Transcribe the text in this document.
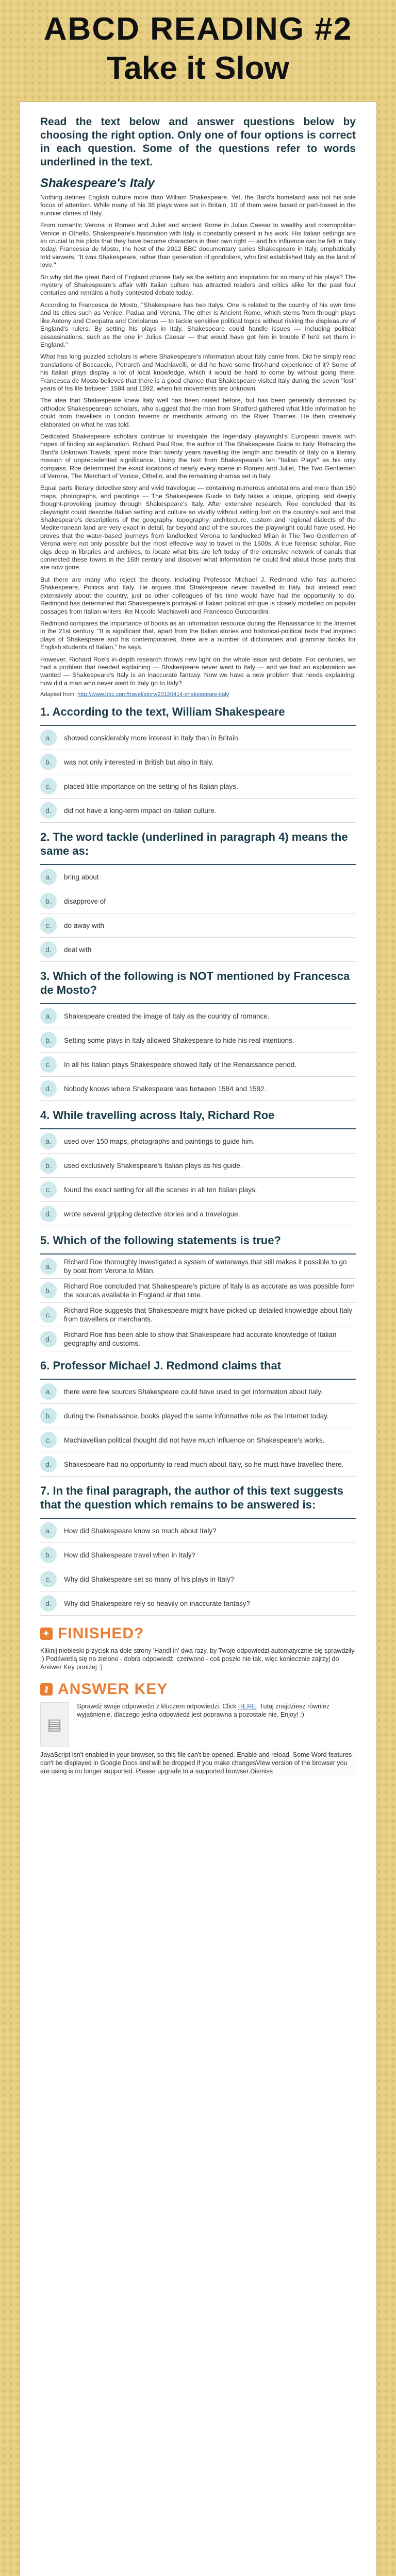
ABCD READING #2
Take it Slow
Read the text below and answer questions below by choosing the right option. Only one of four options is correct in each question. Some of the questions refer to words underlined in the text.
Shakespeare's Italy

Nothing defines English culture more than William Shakespeare. Yet, the Bard's homeland was not his sole focus of attention. While many of his 38 plays were set in Britain, 10 of them were based or part-based in the sunnier climes of Italy.

From romantic Verona in Romeo and Juliet and ancient Rome in Julius Caesar to wealthy and cosmopolitan Venice in Othello, Shakespeare's fascination with Italy is constantly present in his work. His Italian settings are so crucial to his plots that they have become characters in their own right — and his influence can be felt in Italy today. Francesca de Mosto, the host of the 2012 BBC documentary series Shakespeare in Italy, emphatically told viewers, "It was Shakespeare, rather than generation of gondoliers, who first established Italy as the land of love."

So why did the great Bard of England choose Italy as the setting and inspiration for so many of his plays? The mystery of Shakespeare's affair with Italian culture has attracted readers and critics alike for the past four centuries and remains a hotly contested debate today.

According to Francesca de Mosto, "Shakespeare has two Italys. One is related to the country of his own time and its cities such as Venice, Padua and Verona. The other is Ancient Rome, which stems from through plays like Antony and Cleopatra and Coriolanus — to tackle sensitive political topics without risking the displeasure of England's rulers. By setting his plays in Italy, Shakespeare could handle issues — including political assassinations, such as the one in Julius Caesar — that would have got him in trouble if he'd set them in England."

What has long puzzled scholars is where Shakespeare's information about Italy came from. Did he simply read translations of Boccaccio, Petrarch and Machiavelli, or did he have some first-hand experience of it? Some of his Italian plays display a lot of local knowledge, which it would be hard to come by without going there. Francesca de Mosto believes that there is a good chance that Shakespeare visited Italy during the seven "lost" years of his life between 1584 and 1592, when his movements are unknown.

The idea that Shakespeare knew Italy well has been raised before, but has been generally dismissed by orthodox Shakespearean scholars, who suggest that the man from Stratford gathered what little information he could from travellers in London taverns or merchants arriving on the River Thames. He then creatively elaborated on what he was told.

Dedicated Shakespeare scholars continue to investigate the legendary playwright's European travels with hopes of finding an explanation. Richard Paul Roe, the author of The Shakespeare Guide to Italy: Retracing the Bard's Unknown Travels, spent more than twenty years travelling the length and breadth of Italy on a literary mission of unprecedented significance. Using the text from Shakespeare's ten "Italian Plays" as his only compass, Roe determined the exact locations of nearly every scene in Romeo and Juliet, The Two Gentlemen of Verona, The Merchant of Venice, Othello, and the remaining dramas set in Italy.

Equal parts literary detective story and vivid travelogue — containing numerous annotations and more than 150 maps, photographs, and paintings — The Shakespeare Guide to Italy takes a unique, gripping, and deeply thought-provoking journey through Shakespeare's Italy. After extensive research, Roe concluded that its playwright could describe Italian setting and culture so vividly without setting foot on the country's soil and that Shakespeare's descriptions of the geography, topography, architecture, custom and regional dialects of the Mediterranean land are very exact in detail, far beyond and of the sources the playwright could have used. He proves that the water-based journeys from landlocked Verona to landlocked Milan in The Two Gentlemen of Verona were not only possible but the most effective way to travel in the 1500s. A true forensic scholar, Roe digs deep in libraries and archives, to locate what bits are left today of the extensive network of canals that connected these towns in the 16th century and discover what information he could find about those parts that are now gone.

But there are many who reject the theory, including Professor Michael J. Redmond who has authored Shakespeare, Politics and Italy. He argues that Shakespeare never travelled to Italy, but instead read extensively about the country, just as other colleagues of his time would have had the opportunity to do. Redmond has determined that Shakespeare's portrayal of Italian political intrigue is closely modelled on popular passages from Italian writers like Niccolo Machiavelli and Francesco Guicciardini.

Redmond compares the importance of books as an information resource during the Renaissance to the Internet in the 21st century. "It is significant that, apart from the Italian stories and historical-political texts that inspired plays of Shakespeare and his contemporaries, there are a number of dictionaries and grammar books for English students of Italian," he says.

However, Richard Roe's in-depth research throws new light on the whole issue and debate. For centuries, we had a problem that needed explaining — Shakespeare never went to Italy — and we had an explanation we wanted — Shakespeare's Italy is an inaccurate fantasy. Now we have a new problem that needs explaining: how did a man who never went to Italy go to Italy?

Adapted from: http://www.bbc.com/travel/story/20120414-shakespeare-italy
1. According to the text, William Shakespeare
a.	showed considerably more interest in Italy than in Britain.
b.	was not only interested in British but also in Italy.
c.	placed little importance on the setting of his Italian plays.
d.	did not have a long-term impact on Italian culture.
2. The word tackle (underlined in paragraph 4) means the same as:
a.	bring about
b.	disapprove of
c.	do away with
d.	deal with
3. Which of the following is NOT mentioned by Francesca de Mosto?
a.	Shakespeare created the image of Italy as the country of romance.
b.	Setting some plays in Italy allowed Shakespeare to hide his real intentions.
c.	In all his Italian plays Shakespeare showed Italy of the Renaissance period.
d.	Nobody knows where Shakespeare was between 1584 and 1592.
4. While travelling across Italy, Richard Roe
a.	used over 150 maps, photographs and paintings to guide him.
b.	used exclusively Shakespeare's Italian plays as his guide.
c.	found the exact setting for all the scenes in all ten Italian plays.
d.	wrote several gripping detective stories and a travelogue.
5. Which of the following statements is true?
a.
Richard Roe thoroughly investigated a system of waterways that still makes it possible to go by boat from Verona to Milan.
b.
Richard Roe concluded that Shakespeare's picture of Italy is as accurate as was possible form the sources available in England at that time.
c.
Richard Roe suggests that Shakespeare might have picked up detailed knowledge about Italy from travellers or merchants.
d.
Richard Roe has been able to show that Shakespeare had accurate knowledge of Italian geography and customs.
6. Professor Michael J. Redmond claims that
a.	there were few sources Shakespeare could have used to get information about Italy.
b.	during the Renaissance, books played the same informative role as the Internet today.
c.	Machiavellian political thought did not have much influence on Shakespeare's works.
d.	Shakespeare had no opportunity to read much about Italy, so he must have travelled there.
7. In the final paragraph, the author of this text suggests that the question which remains to be answered is:
a.	How did Shakespeare know so much about Italy?
b.	How did Shakespeare travel when in Italy?
c.	Why did Shakespeare set so many of his plays in Italy?
d.	Why did Shakespeare rely so heavily on inaccurate fantasy?
✦ FINISHED?
Kliknij niebieski przycisk na dole strony 'Handl in' dwa razy, by Twoje odpowiedzi automatycznie się sprawdziły :) Podświetlą się na zielono - dobra odpowiedź, czerwono - coś poszło nie tak, więc koniecznie zajrzyj do Answer Key poniżej :)
⚷ ANSWER KEY
▤
Sprawdź swoje odpowiedzi z kluczem odpowiedzi. Click HERE. Tutaj znajdziesz również wyjaśnienie, dlaczego jedna odpowiedź jest poprawna a pozostałe nie. Enjoy! :)
JavaScript isn't enabled in your browser, so this file can't be opened. Enable and reload. Some Word features can't be displayed in Google Docs and will be dropped if you make changesView version of the browser you are using is no longer supported. Please upgrade to a supported browser.Dismiss
